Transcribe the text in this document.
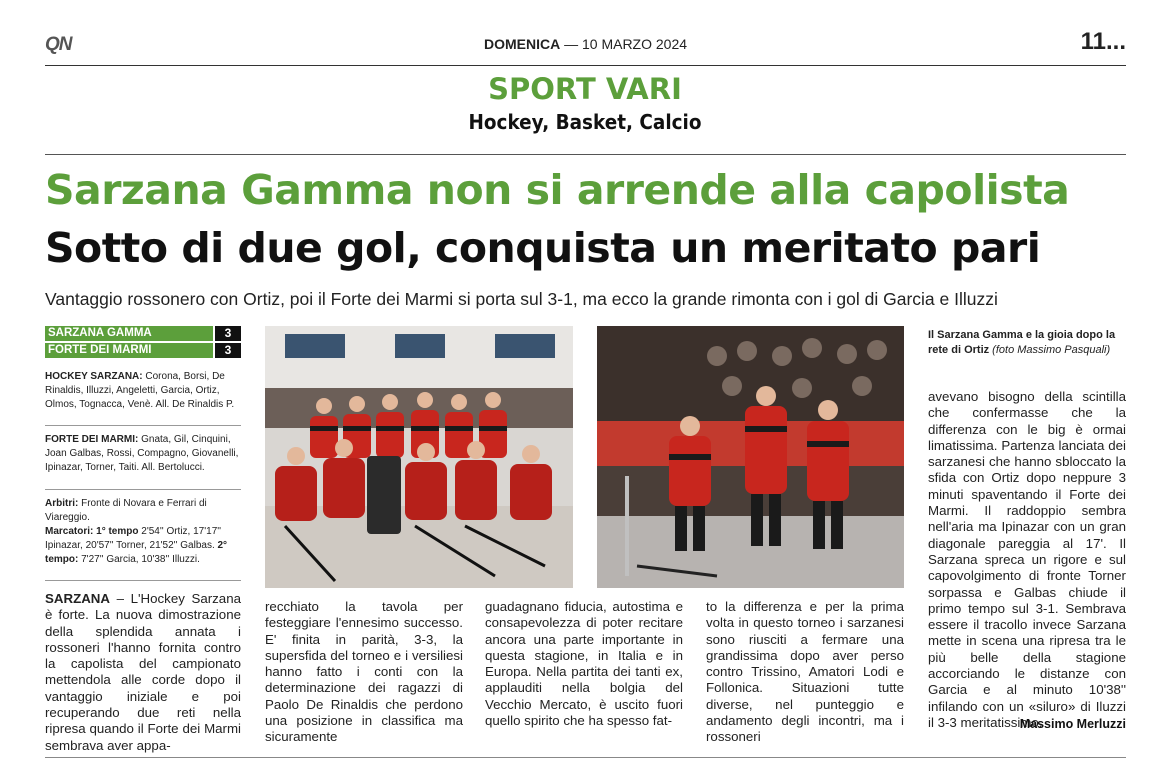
QN	DOMENICA — 10 MARZO 2024	11...
SPORT VARI
Hockey, Basket, Calcio
Sarzana Gamma non si arrende alla capolista
Sotto di due gol, conquista un meritato pari
Vantaggio rossonero con Ortiz, poi il Forte dei Marmi si porta sul 3-1, ma ecco la grande rimonta con i gol di Garcia e Illuzzi
SARZANA GAMMA	3
FORTE DEI MARMI	3
HOCKEY SARZANA: Corona, Borsi, De Rinaldis, Illuzzi, Angeletti, Garcia, Ortiz, Olmos, Tognacca, Venè. All. De Rinaldis P.
FORTE DEI MARMI: Gnata, Gil, Cinquini, Joan Galbas, Rossi, Compagno, Giovanelli, Ipinazar, Torner, Taiti. All. Bertolucci.
Arbitri: Fronte di Novara e Ferrari di Viareggio.
Marcatori: 1° tempo 2'54'' Ortiz, 17'17'' Ipinazar, 20'57'' Torner, 21'52'' Galbas. 2° tempo: 7'27'' Garcia, 10'38'' Illuzzi.
Il Sarzana Gamma e la gioia dopo la rete di Ortiz (foto Massimo Pasquali)
SARZANA – L'Hockey Sarzana è forte. La nuova dimostrazione della splendida annata i rossoneri l'hanno fornita contro la capolista del campionato mettendola alle corde dopo il vantaggio iniziale e poi recuperando due reti nella ripresa quando il Forte dei Marmi sembrava aver appa-
recchiato la tavola per festeggiare l'ennesimo successo. E' finita in parità, 3-3, la supersfida del torneo e i versiliesi hanno fatto i conti con la determinazione dei ragazzi di Paolo De Rinaldis che perdono una posizione in classifica ma sicuramente
guadagnano fiducia, autostima e consapevolezza di poter recitare ancora una parte importante in questa stagione, in Italia e in Europa. Nella partita dei tanti ex, applauditi nella bolgia del Vecchio Mercato, è uscito fuori quello spirito che ha spesso fat-
to la differenza e per la prima volta in questo torneo i sarzanesi sono riusciti a fermare una grandissima dopo aver perso contro Trissino, Amatori Lodi e Follonica. Situazioni tutte diverse, nel punteggio e andamento degli incontri, ma i rossoneri
avevano bisogno della scintilla che confermasse che la differenza con le big è ormai limatissima. Partenza lanciata dei sarzanesi che hanno sbloccato la sfida con Ortiz dopo neppure 3 minuti spaventando il Forte dei Marmi. Il raddoppio sembra nell'aria ma Ipinazar con un gran diagonale pareggia al 17'. Il Sarzana spreca un rigore e sul capovolgimento di fronte Torner sorpassa e Galbas chiude il primo tempo sul 3-1. Sembrava essere il tracollo invece Sarzana mette in scena una ripresa tra le più belle della stagione accorciando le distanze con Garcia e al minuto 10'38'' infilando con un «siluro» di Iluzzi il 3-3 meritatissimo.
Massimo Merluzzi
